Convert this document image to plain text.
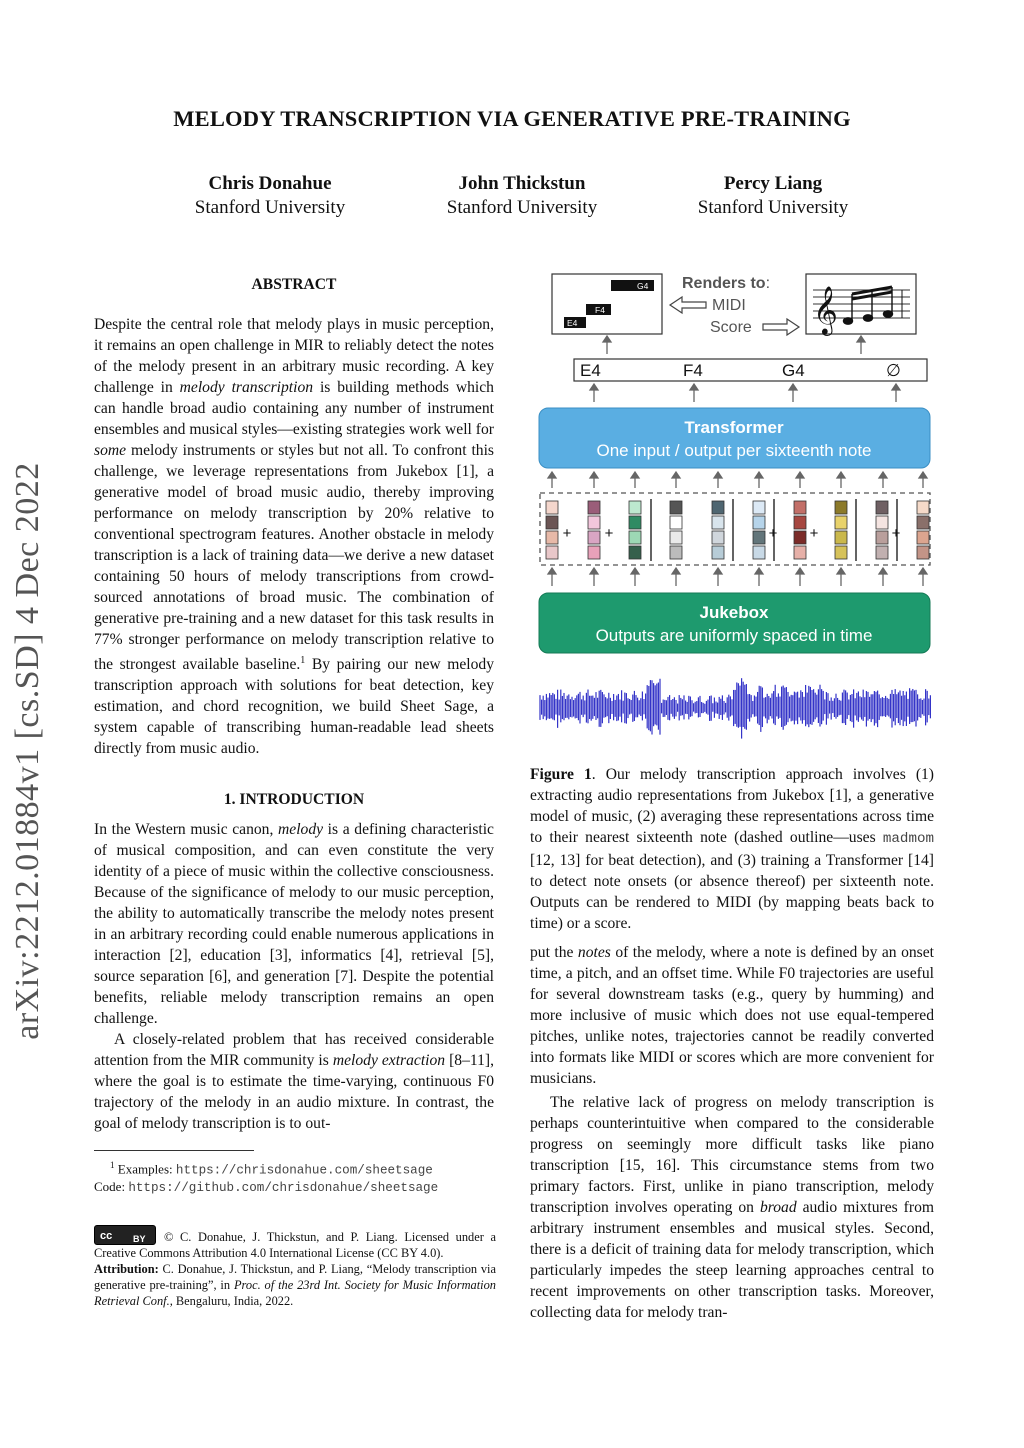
MELODY TRANSCRIPTION VIA GENERATIVE PRE-TRAINING
Chris Donahue
Stanford University
John Thickstun
Stanford University
Percy Liang
Stanford University
arXiv:2212.01884v1 [cs.SD] 4 Dec 2022
ABSTRACT

Despite the central role that melody plays in music perception, it remains an open challenge in MIR to reliably detect the notes of the melody present in an arbitrary music recording. A key challenge in melody transcription is building methods which can handle broad audio containing any number of instrument ensembles and musical styles—existing strategies work well for some melody instruments or styles but not all. To confront this challenge, we leverage representations from Jukebox [1], a generative model of broad music audio, thereby improving performance on melody transcription by 20% relative to conventional spectrogram features. Another obstacle in melody transcription is a lack of training data—we derive a new dataset containing 50 hours of melody transcriptions from crowd-sourced annotations of broad music. The combination of generative pre-training and a new dataset for this task results in 77% stronger performance on melody transcription relative to the strongest available baseline.$^1$ By pairing our new melody transcription approach with solutions for beat detection, key estimation, and chord recognition, we build Sheet Sage, a system capable of transcribing human-readable lead sheets directly from music audio.

1. INTRODUCTION

In the Western music canon, melody is a defining characteristic of musical composition, and can even constitute the very identity of a piece of music within the collective consciousness. Because of the significance of melody to our music perception, the ability to automatically transcribe the melody notes present in an arbitrary recording could enable numerous applications in interaction [2], education [3], informatics [4], retrieval [5], source separation [6], and generation [7]. Despite the potential benefits, reliable melody transcription remains an open challenge.

A closely-related problem that has received considerable attention from the MIR community is melody extraction [8–11], where the goal is to estimate the time-varying, continuous F0 trajectory of the melody in an audio mixture. In contrast, the goal of melody transcription is to out-

$^1$ Examples: https://chrisdonahue.com/sheetsage
Code: https://github.com/chrisdonahue/sheetsage

cc BY © C. Donahue, J. Thickstun, and P. Liang. Licensed under a Creative Commons Attribution 4.0 International License (CC BY 4.0).

Attribution: C. Donahue, J. Thickstun, and P. Liang, “Melody transcription via generative pre-training”, in Proc. of the 23rd Int. Society for Music Information Retrieval Conf., Bengaluru, India, 2022.

E4
F4
G4 Renders to:
MIDI
Score 𝄞
E4	F4	G4	∅
Transformer
One input / output per sixteenth note
+ +	+ +	+
Jukebox
Outputs are uniformly spaced in time

Figure 1. Our melody transcription approach involves (1) extracting audio representations from Jukebox [1], a generative model of music, (2) averaging these representations across time to their nearest sixteenth note (dashed outline—uses madmom [12, 13] for beat detection), and (3) training a Transformer [14] to detect note onsets (or absence thereof) per sixteenth note. Outputs can be rendered to MIDI (by mapping beats back to time) or a score.

put the notes of the melody, where a note is defined by an onset time, a pitch, and an offset time. While F0 trajectories are useful for several downstream tasks (e.g., query by humming) and more inclusive of music which does not use equal-tempered pitches, unlike notes, trajectories cannot be readily converted into formats like MIDI or scores which are more convenient for musicians.

The relative lack of progress on melody transcription is perhaps counterintuitive when compared to the considerable progress on seemingly more difficult tasks like piano transcription [15, 16]. This circumstance stems from two primary factors. First, unlike in piano transcription, melody transcription involves operating on broad audio mixtures from arbitrary instrument ensembles and musical styles. Second, there is a deficit of training data for melody transcription, which particularly impedes the steep learning approaches central to recent improvements on other transcription tasks. Moreover, collecting data for melody tran-
